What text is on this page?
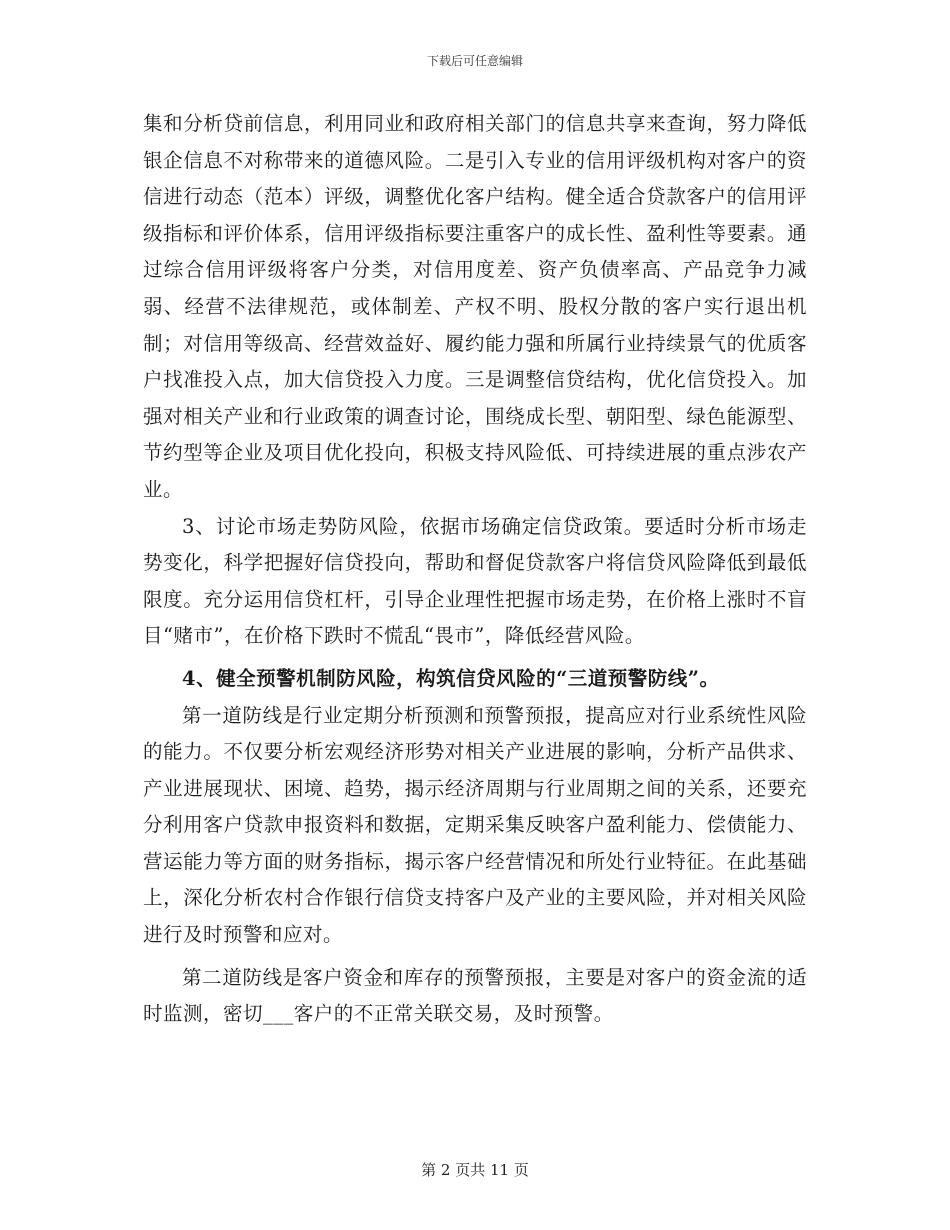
下载后可任意编辑

集和分析贷前信息，利用同业和政府相关部门的信息共享来查询，努力降低银企信息不对称带来的道德风险。二是引入专业的信用评级机构对客户的资信进行动态（范本）评级，调整优化客户结构。健全适合贷款客户的信用评级指标和评价体系，信用评级指标要注重客户的成长性、盈利性等要素。通过综合信用评级将客户分类，对信用度差、资产负债率高、产品竞争力减弱、经营不法律规范，或体制差、产权不明、股权分散的客户实行退出机制；对信用等级高、经营效益好、履约能力强和所属行业持续景气的优质客户找准投入点，加大信贷投入力度。三是调整信贷结构，优化信贷投入。加强对相关产业和行业政策的调查讨论，围绕成长型、朝阳型、绿色能源型、节约型等企业及项目优化投向，积极支持风险低、可持续进展的重点涉农产业。

3、讨论市场走势防风险，依据市场确定信贷政策。要适时分析市场走势变化，科学把握好信贷投向，帮助和督促贷款客户将信贷风险降低到最低限度。充分运用信贷杠杆，引导企业理性把握市场走势，在价格上涨时不盲目“赌市”，在价格下跌时不慌乱“畏市”，降低经营风险。

4、健全预警机制防风险，构筑信贷风险的“三道预警防线”。

第一道防线是行业定期分析预测和预警预报，提高应对行业系统性风险的能力。不仅要分析宏观经济形势对相关产业进展的影响，分析产品供求、产业进展现状、困境、趋势，揭示经济周期与行业周期之间的关系，还要充分利用客户贷款申报资料和数据，定期采集反映客户盈利能力、偿债能力、营运能力等方面的财务指标，揭示客户经营情况和所处行业特征。在此基础上，深化分析农村合作银行信贷支持客户及产业的主要风险，并对相关风险进行及时预警和应对。

第二道防线是客户资金和库存的预警预报，主要是对客户的资金流的适时监测，密切___客户的不正常关联交易，及时预警。

第 2 页共 11 页
